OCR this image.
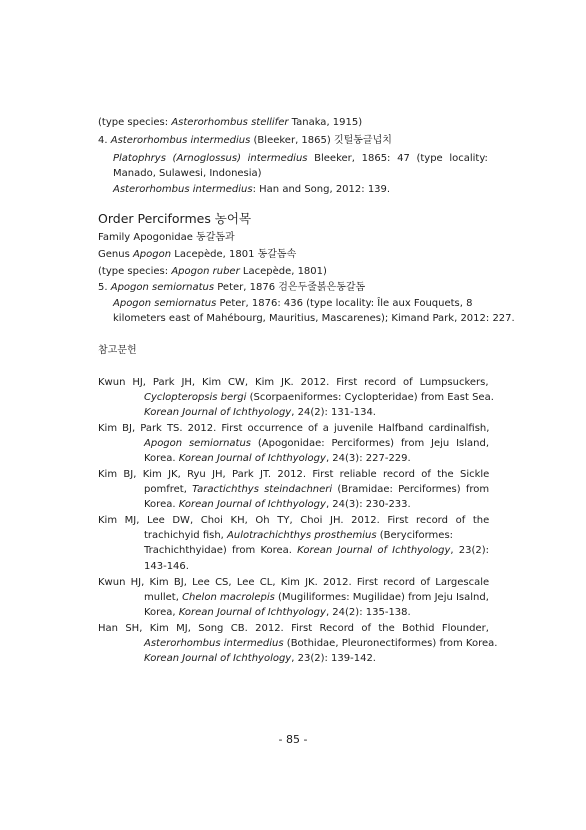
(type species: Asterorhombus stellifer Tanaka, 1915)
4. Asterorhombus intermedius (Bleeker, 1865) 깃털동글넙치
Platophrys (Arnoglossus) intermedius Bleeker, 1865: 47 (type locality:
Manado, Sulawesi, Indonesia)
Asterorhombus intermedius: Han and Song, 2012: 139.
Order Perciformes 농어목
Family Apogonidae 동갈돔과
Genus Apogon Lacepède, 1801 동갈돔속
(type species: Apogon ruber Lacepède, 1801)
5. Apogon semiornatus Peter, 1876 검은두줄볽은동갈돔
Apogon semiornatus Peter, 1876: 436 (type locality: Île aux Fouquets, 8
kilometers east of Mahébourg, Mauritius, Mascarenes); Kimand Park, 2012: 227.
참고문헌
Kwun HJ, Park JH, Kim CW, Kim JK. 2012. First record of Lumpsuckers,
Cyclopteropsis bergi (Scorpaeniformes: Cyclopteridae) from East Sea.
Korean Journal of Ichthyology, 24(2): 131-134.
Kim BJ, Park TS. 2012. First occurrence of a juvenile Halfband cardinalfish,
Apogon semiornatus (Apogonidae: Perciformes) from Jeju Island,
Korea. Korean Journal of Ichthyology, 24(3): 227-229.
Kim BJ, Kim JK, Ryu JH, Park JT. 2012. First reliable record of the Sickle
pomfret, Taractichthys steindachneri (Bramidae: Perciformes) from
Korea. Korean Journal of Ichthyology, 24(3): 230-233.
Kim MJ, Lee DW, Choi KH, Oh TY, Choi JH. 2012. First record of the
trachichyid fish, Aulotrachichthys prosthemius (Beryciformes:
Trachichthyidae) from Korea. Korean Journal of Ichthyology, 23(2):
143-146.
Kwun HJ, Kim BJ, Lee CS, Lee CL, Kim JK. 2012. First record of Largescale
mullet, Chelon macrolepis (Mugiliformes: Mugilidae) from Jeju Isalnd,
Korea, Korean Journal of Ichthyology, 24(2): 135-138.
Han SH, Kim MJ, Song CB. 2012. First Record of the Bothid Flounder,
Asterorhombus intermedius (Bothidae, Pleuronectiformes) from Korea.
Korean Journal of Ichthyology, 23(2): 139-142.
- 85 -
